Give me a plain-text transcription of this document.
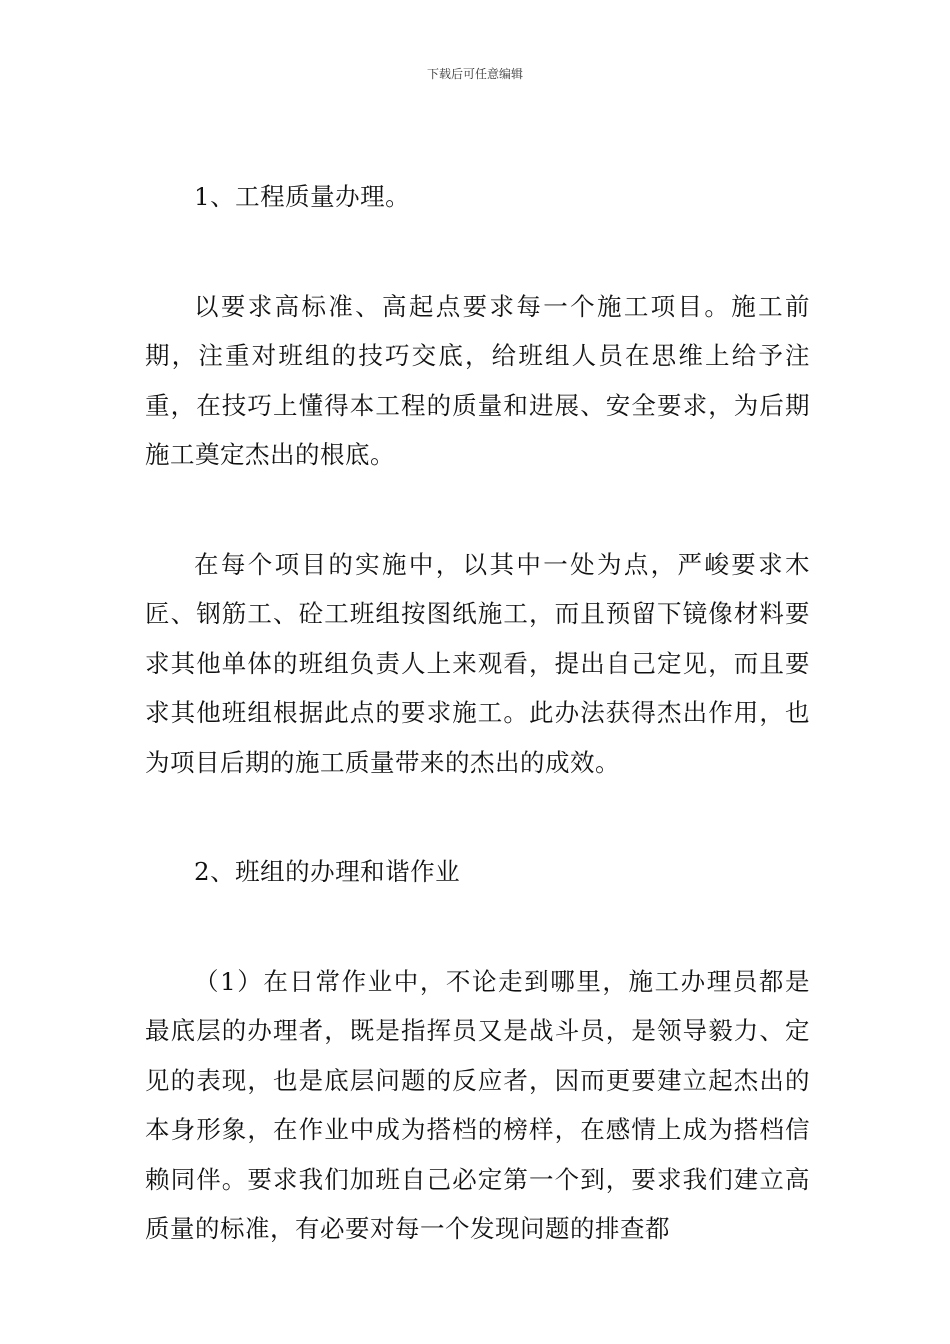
下载后可任意编辑

1、工程质量办理。

以要求高标准、高起点要求每一个施工项目。施工前期，注重对班组的技巧交底，给班组人员在思维上给予注重，在技巧上懂得本工程的质量和进展、安全要求，为后期施工奠定杰出的根底。

在每个项目的实施中，以其中一处为点，严峻要求木匠、钢筋工、砼工班组按图纸施工，而且预留下镜像材料要求其他单体的班组负责人上来观看，提出自己定见，而且要求其他班组根据此点的要求施工。此办法获得杰出作用，也为项目后期的施工质量带来的杰出的成效。

2、班组的办理和谐作业

（1）在日常作业中，不论走到哪里，施工办理员都是最底层的办理者，既是指挥员又是战斗员，是领导毅力、定见的表现，也是底层问题的反应者，因而更要建立起杰出的本身形象，在作业中成为搭档的榜样，在感情上成为搭档信赖同伴。要求我们加班自己必定第一个到，要求我们建立高质量的标准，有必要对每一个发现问题的排查都
